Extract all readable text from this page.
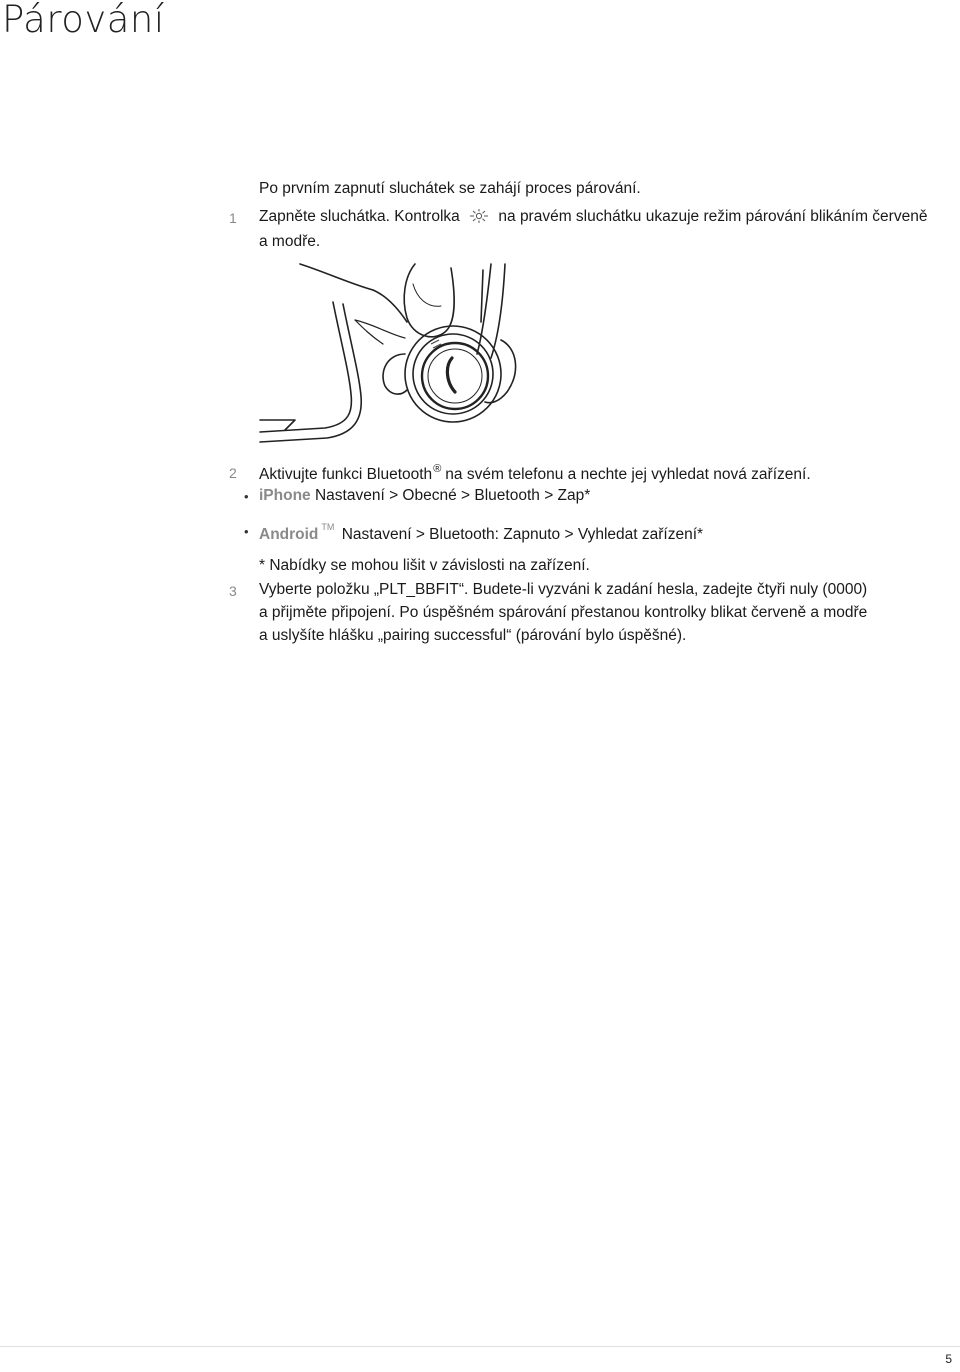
Párování
Po prvním zapnutí sluchátek se zahájí proces párování.
1 Zapněte sluchátka. Kontrolka na pravém sluchátku ukazuje režim párování blikáním červeně
a modře.
2 Aktivujte funkci Bluetooth® na svém telefonu a nechte jej vyhledat nová zařízení.
• iPhone Nastavení > Obecné > Bluetooth > Zap*
• Android ™ Nastavení > Bluetooth: Zapnuto > Vyhledat zařízení*
* Nabídky se mohou lišit v závislosti na zařízení.
3 Vyberte položku „PLT_BBFIT“. Budete-li vyzváni k zadání hesla, zadejte čtyři nuly (0000)
a přijměte připojení. Po úspěšném spárování přestanou kontrolky blikat červeně a modře
a uslyšíte hlášku „pairing successful“ (párování bylo úspěšné).
5
